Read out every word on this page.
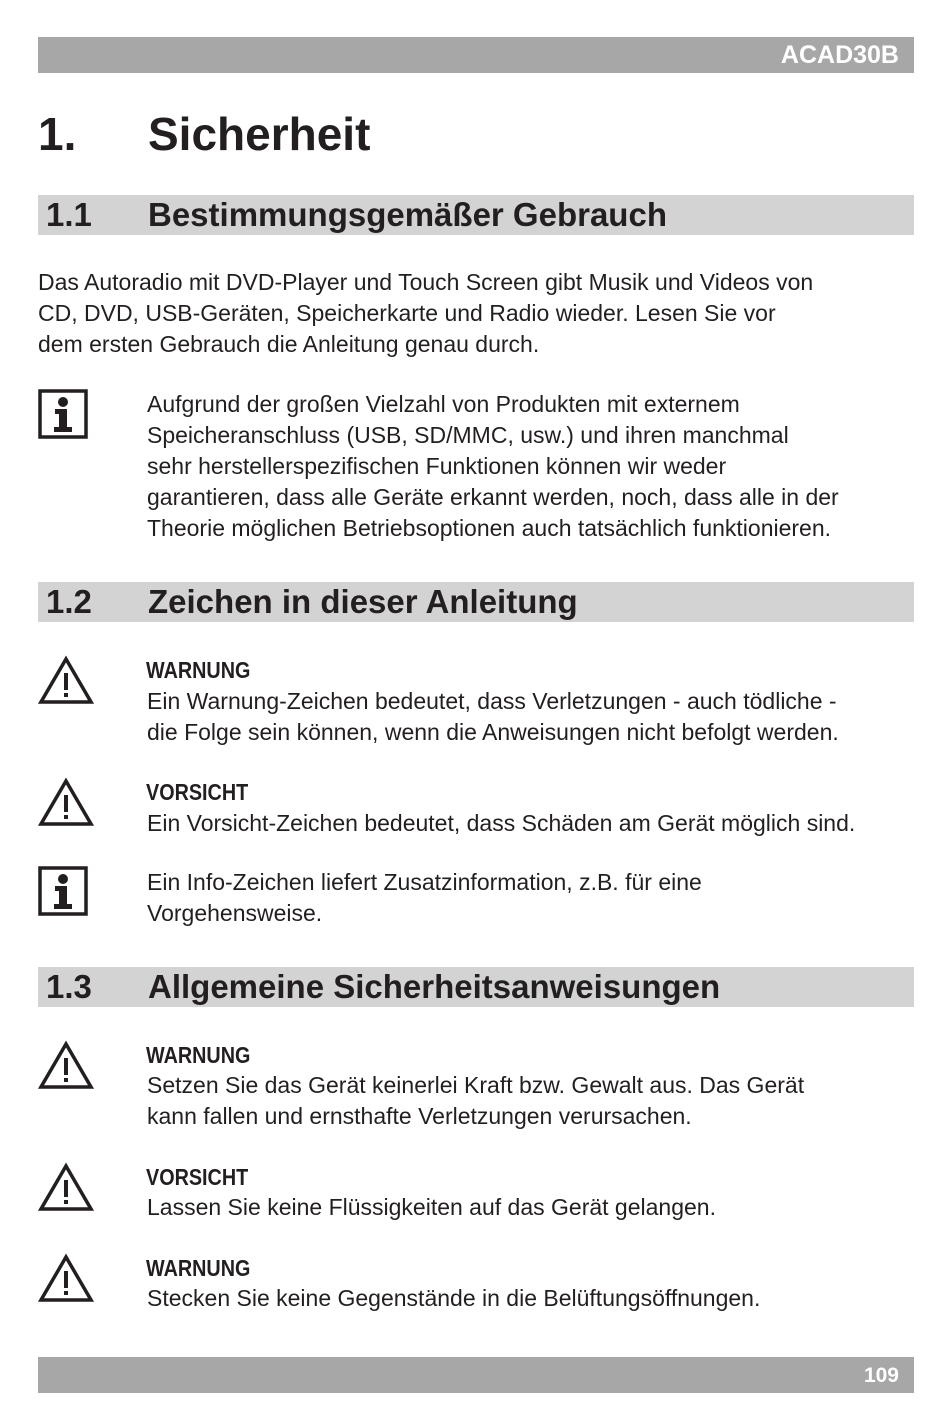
ACAD30B
1. Sicherheit
1.1 Bestimmungsgemäßer Gebrauch
Das Autoradio mit DVD-Player und Touch Screen gibt Musik und Videos von
CD, DVD, USB-Geräten, Speicherkarte und Radio wieder. Lesen Sie vor
dem ersten Gebrauch die Anleitung genau durch.
Aufgrund der großen Vielzahl von Produkten mit externem
Speicheranschluss (USB, SD/MMC, usw.) und ihren manchmal
sehr herstellerspezifischen Funktionen können wir weder
garantieren, dass alle Geräte erkannt werden, noch, dass alle in der
Theorie möglichen Betriebsoptionen auch tatsächlich funktionieren.
1.2 Zeichen in dieser Anleitung
WARNUNG
Ein Warnung-Zeichen bedeutet, dass Verletzungen - auch tödliche -
die Folge sein können, wenn die Anweisungen nicht befolgt werden.
VORSICHT
Ein Vorsicht-Zeichen bedeutet, dass Schäden am Gerät möglich sind.
Ein Info-Zeichen liefert Zusatzinformation, z.B. für eine
Vorgehensweise.
1.3 Allgemeine Sicherheitsanweisungen
WARNUNG
Setzen Sie das Gerät keinerlei Kraft bzw. Gewalt aus. Das Gerät
kann fallen und ernsthafte Verletzungen verursachen.
VORSICHT
Lassen Sie keine Flüssigkeiten auf das Gerät gelangen.
WARNUNG
Stecken Sie keine Gegenstände in die Belüftungsöffnungen.
109
